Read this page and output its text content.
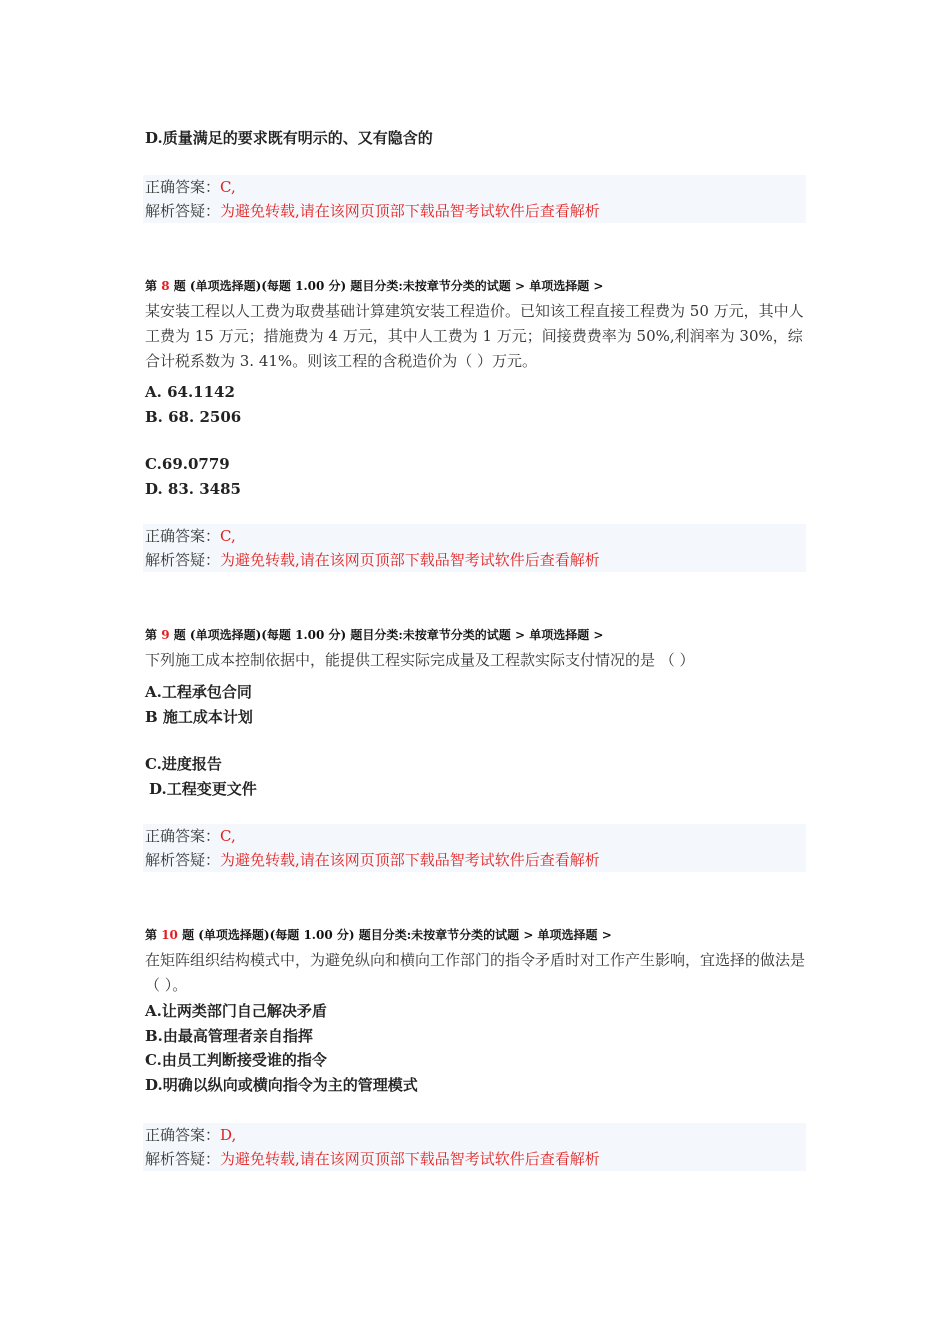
D.质量满足的要求既有明示的、又有隐含的
正确答案：C,
解析答疑：为避免转载,请在该网页顶部下载品智考试软件后查看解析
第 8 题 (单项选择题)(每题 1.00 分) 题目分类:未按章节分类的试题 > 单项选择题 >
某安装工程以人工费为取费基础计算建筑安装工程造价。已知该工程直接工程费为 50 万元，其中人工费为 15 万元；措施费为 4 万元，其中人工费为 1 万元；间接费费率为 50%,利润率为 30%，综合计税系数为 3. 41%。则该工程的含税造价为（ ）万元。
A. 64.1142
B. 68. 2506
C.69.0779
D. 83. 3485
正确答案：C,
解析答疑：为避免转载,请在该网页顶部下载品智考试软件后查看解析
第 9 题 (单项选择题)(每题 1.00 分) 题目分类:未按章节分类的试题 > 单项选择题 >
下列施工成本控制依据中，能提供工程实际完成量及工程款实际支付情况的是 （ ）
A.工程承包合同
B 施工成本计划
C.进度报告
D.工程变更文件
正确答案：C,
解析答疑：为避免转载,请在该网页顶部下载品智考试软件后查看解析
第 10 题 (单项选择题)(每题 1.00 分) 题目分类:未按章节分类的试题 > 单项选择题 >
在矩阵组织结构模式中，为避免纵向和横向工作部门的指令矛盾时对工作产生影响，宜选择的做法是（ ）。
A.让两类部门自己解决矛盾
B.由最高管理者亲自指挥
C.由员工判断接受谁的指令
D.明确以纵向或横向指令为主的管理模式
正确答案：D,
解析答疑：为避免转载,请在该网页顶部下载品智考试软件后查看解析
